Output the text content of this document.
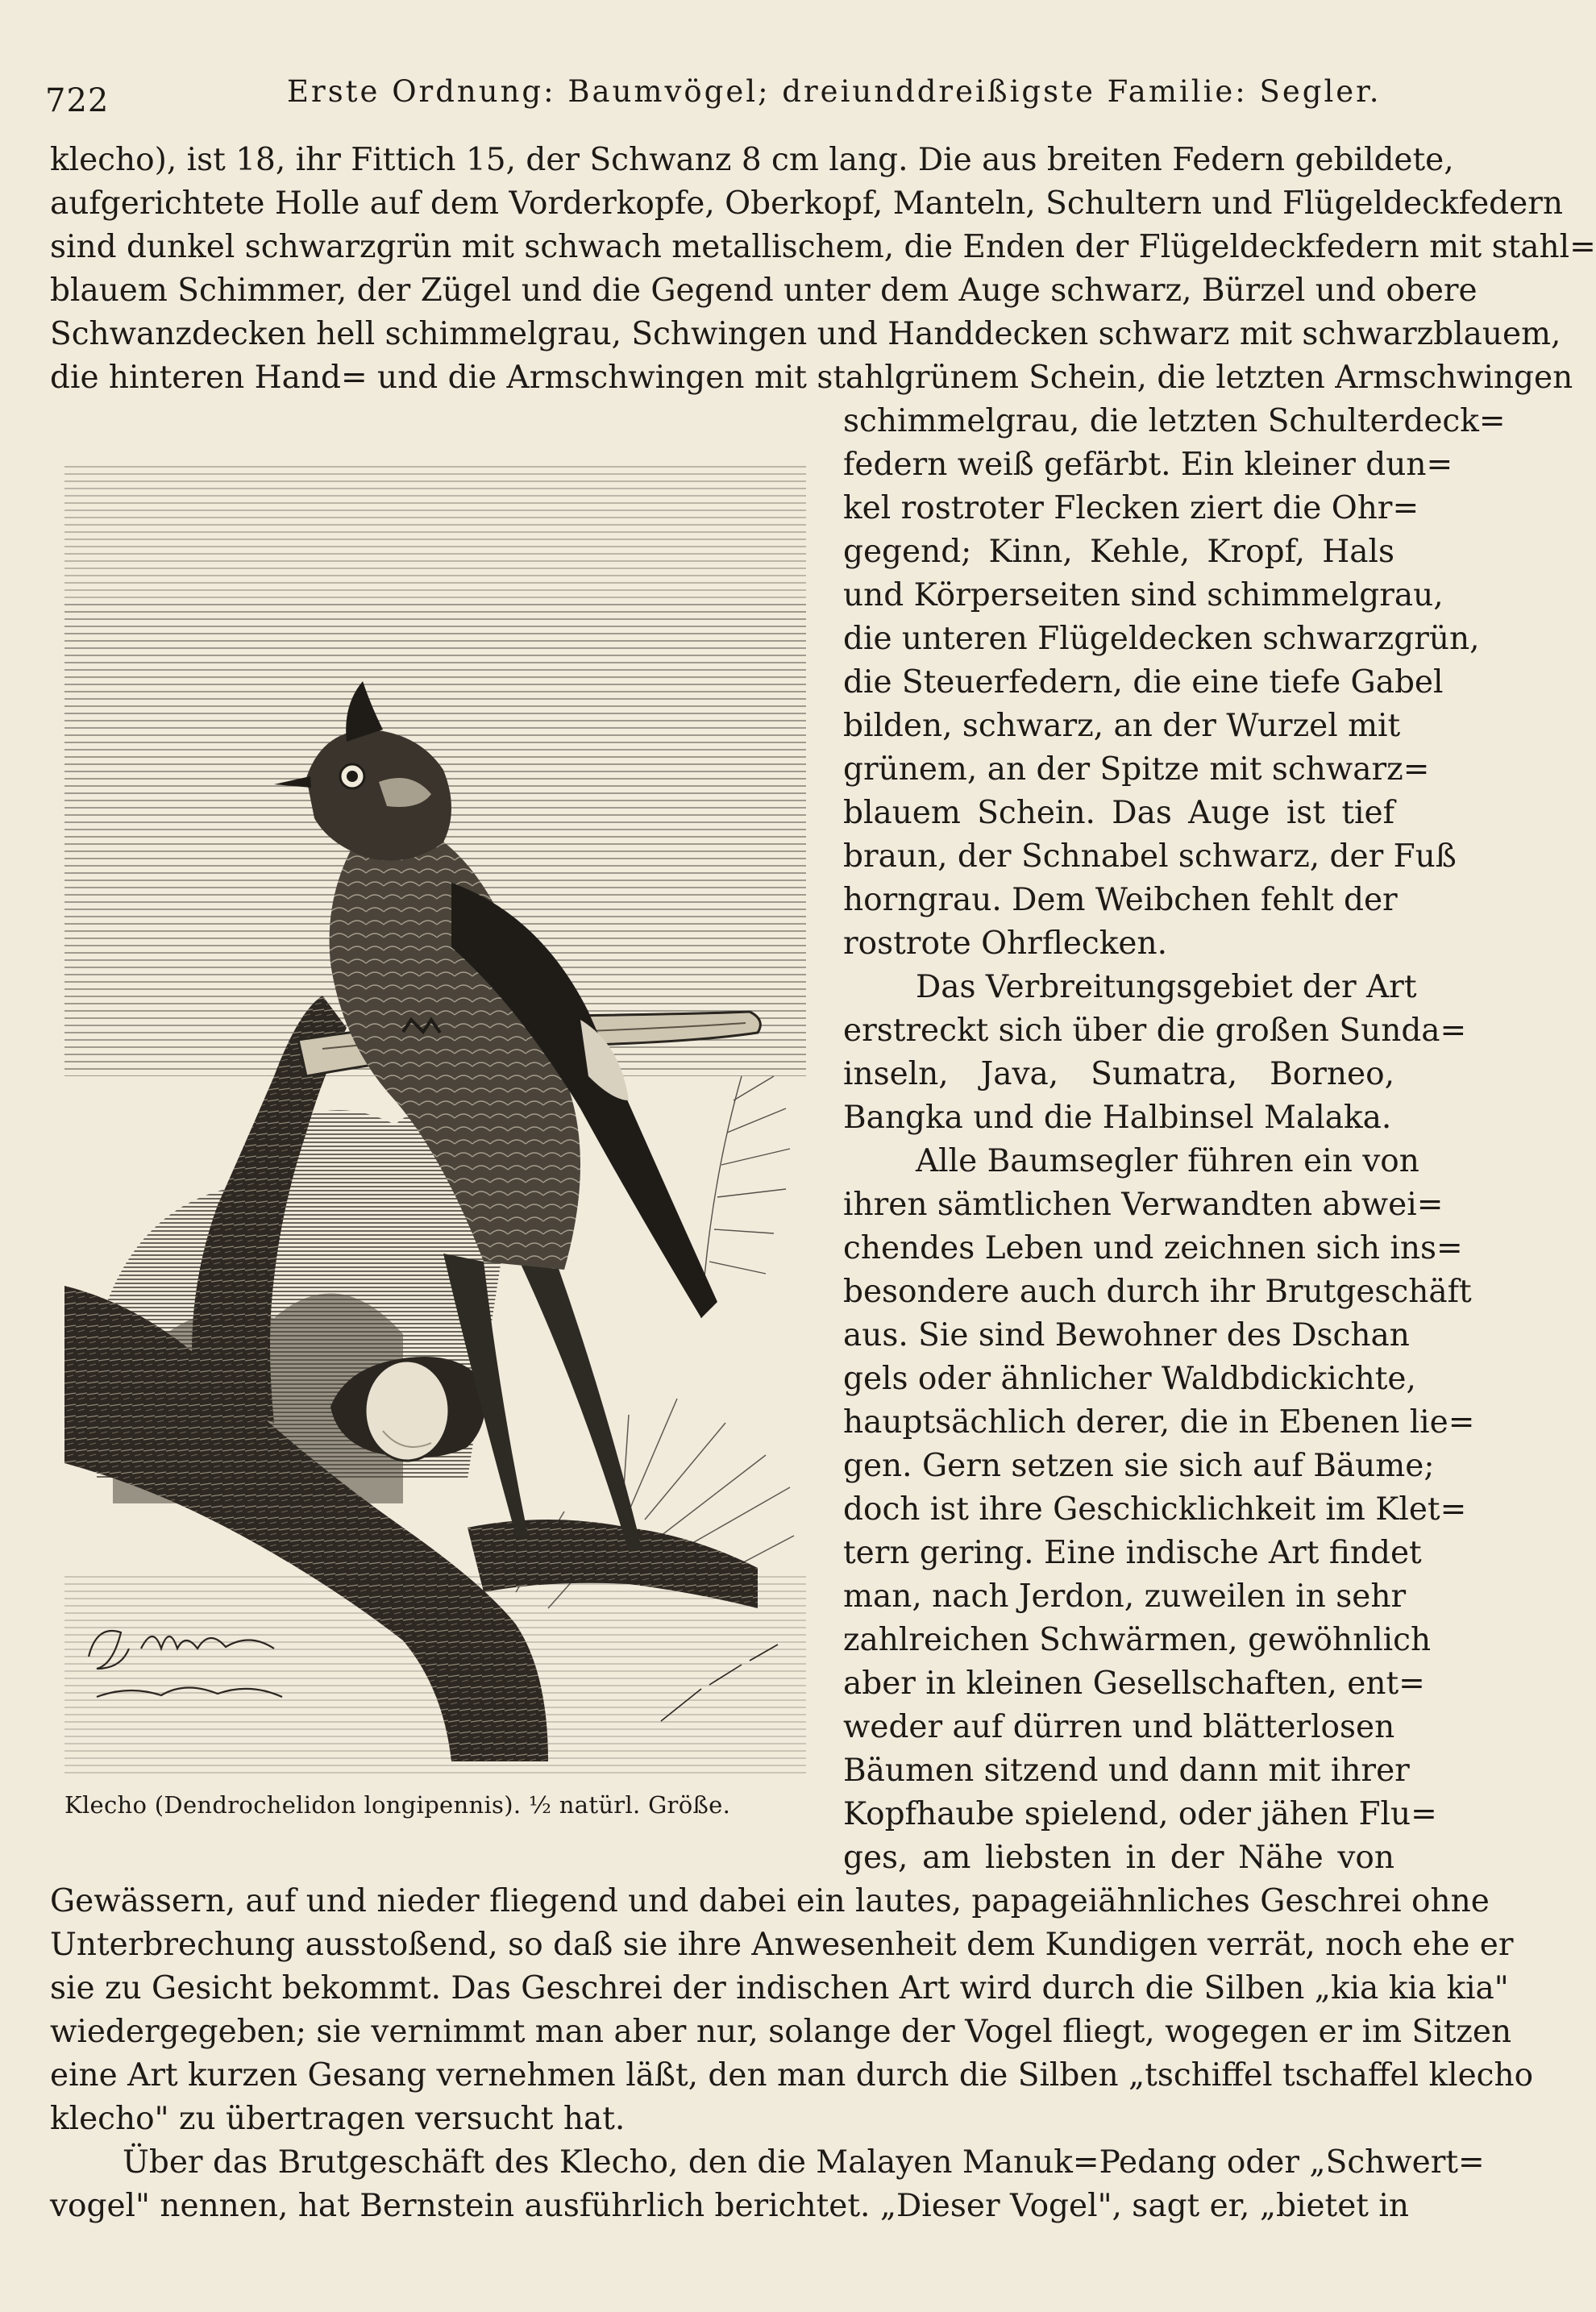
722	Erste Ordnung: Baumvögel; dreiunddreißigste Familie: Segler.
klecho), ist 18, ihr Fittich 15, der Schwanz 8 cm lang. Die aus breiten Federn gebildete,
aufgerichtete Holle auf dem Vorderkopfe, Oberkopf, Manteln, Schultern und Flügeldeckfedern
sind dunkel schwarzgrün mit schwach metallischem, die Enden der Flügeldeckfedern mit stahl=
blauem Schimmer, der Zügel und die Gegend unter dem Auge schwarz, Bürzel und obere
Schwanzdecken hell schimmelgrau, Schwingen und Handdecken schwarz mit schwarzblauem,
die hinteren Hand= und die Armschwingen mit stahlgrünem Schein, die letzten Armschwingen
schimmelgrau, die letzten Schulterdeck=
federn weiß gefärbt. Ein kleiner dun=
kel rostroter Flecken ziert die Ohr=
gegend; Kinn, Kehle, Kropf, Hals
und Körperseiten sind schimmelgrau,
die unteren Flügeldecken schwarzgrün,
die Steuerfedern, die eine tiefe Gabel
bilden, schwarz, an der Wurzel mit
grünem, an der Spitze mit schwarz=
blauem Schein. Das Auge ist tief
braun, der Schnabel schwarz, der Fuß
horngrau. Dem Weibchen fehlt der
rostrote Ohrflecken.
Das Verbreitungsgebiet der Art
erstreckt sich über die großen Sunda=
inseln, Java, Sumatra, Borneo,
Bangka und die Halbinsel Malaka.
Alle Baumsegler führen ein von
ihren sämtlichen Verwandten abwei=
chendes Leben und zeichnen sich ins=
besondere auch durch ihr Brutgeschäft
aus. Sie sind Bewohner des Dschan
gels oder ähnlicher Waldbdickichte,
hauptsächlich derer, die in Ebenen lie=
gen. Gern setzen sie sich auf Bäume;
doch ist ihre Geschicklichkeit im Klet=
tern gering. Eine indische Art findet
man, nach Jerdon, zuweilen in sehr
zahlreichen Schwärmen, gewöhnlich
aber in kleinen Gesellschaften, ent=
weder auf dürren und blätterlosen
Bäumen sitzend und dann mit ihrer
Kopfhaube spielend, oder jähen Flu=
ges, am liebsten in der Nähe von
Gewässern, auf und nieder fliegend und dabei ein lautes, papageiähnliches Geschrei ohne
Unterbrechung ausstoßend, so daß sie ihre Anwesenheit dem Kundigen verrät, noch ehe er
sie zu Gesicht bekommt. Das Geschrei der indischen Art wird durch die Silben „kia kia kia"
wiedergegeben; sie vernimmt man aber nur, solange der Vogel fliegt, wogegen er im Sitzen
eine Art kurzen Gesang vernehmen läßt, den man durch die Silben „tschiffel tschaffel klecho
klecho" zu übertragen versucht hat.
Über das Brutgeschäft des Klecho, den die Malayen Manuk=Pedang oder „Schwert=
vogel" nennen, hat Bernstein ausführlich berichtet. „Dieser Vogel", sagt er, „bietet in
Klecho (Dendrochelidon longipennis). ½ natürl. Größe.
